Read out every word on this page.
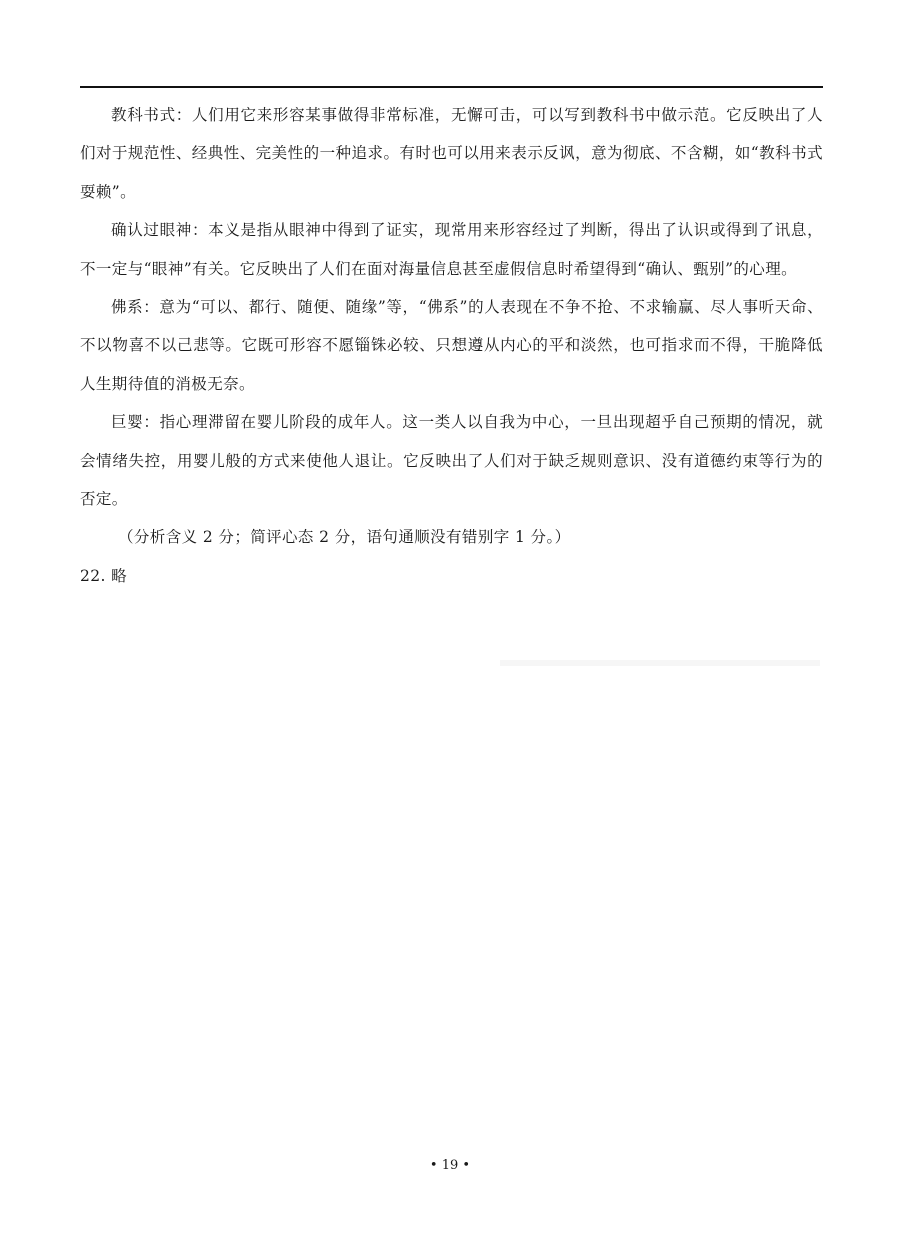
教科书式：人们用它来形容某事做得非常标准，无懈可击，可以写到教科书中做示范。它反映出了人们对于规范性、经典性、完美性的一种追求。有时也可以用来表示反讽，意为彻底、不含糊，如“教科书式耍赖”。

确认过眼神：本义是指从眼神中得到了证实，现常用来形容经过了判断，得出了认识或得到了讯息，不一定与“眼神”有关。它反映出了人们在面对海量信息甚至虚假信息时希望得到“确认、甄别”的心理。

佛系：意为“可以、都行、随便、随缘”等，“佛系”的人表现在不争不抢、不求输赢、尽人事听天命、不以物喜不以己悲等。它既可形容不愿锱铢必较、只想遵从内心的平和淡然，也可指求而不得，干脆降低人生期待值的消极无奈。

巨婴：指心理滞留在婴儿阶段的成年人。这一类人以自我为中心，一旦出现超乎自己预期的情况，就会情绪失控，用婴儿般的方式来使他人退让。它反映出了人们对于缺乏规则意识、没有道德约束等行为的否定。

（分析含义 2 分；简评心态 2 分，语句通顺没有错别字 1 分。）

22. 略

• 19 •
